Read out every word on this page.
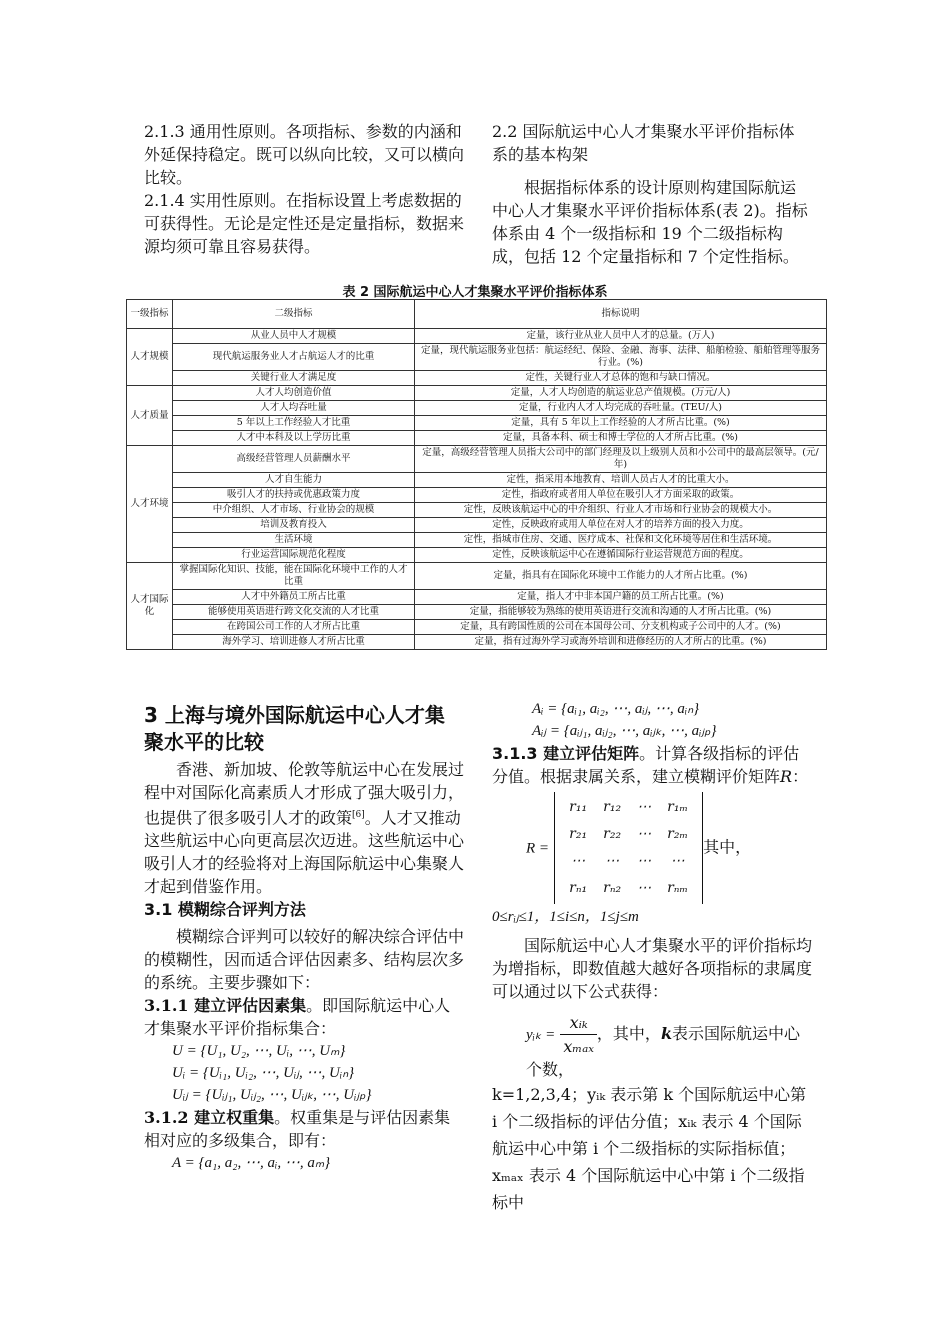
2.1.3 通用性原则。各项指标、参数的内涵和外延保持稳定。既可以纵向比较，又可以横向比较。

2.1.4 实用性原则。在指标设置上考虑数据的可获得性。无论是定性还是定量指标，数据来源均须可靠且容易获得。

2.2 国际航运中心人才集聚水平评价指标体系的基本构架

根据指标体系的设计原则构建国际航运中心人才集聚水平评价指标体系(表 2)。指标体系由 4 个一级指标和 19 个二级指标构成，包括 12 个定量指标和 7 个定性指标。

表 2 国际航运中心人才集聚水平评价指标体系
一级指标	二级指标	指标说明
人才规模	从业人员中人才规模	定量，该行业从业人员中人才的总量。(万人)
	现代航运服务业人才占航运人才的比重	定量，现代航运服务业包括：航运经纪、保险、金融、海事、法律、船舶检验、船舶管理等服务行业。(%)
	关键行业人才满足度	定性，关键行业人才总体的饱和与缺口情况。
人才质量	人才人均创造价值	定量，人才人均创造的航运业总产值规模。(万元/人)
	人才人均吞吐量	定量，行业内人才人均完成的吞吐量。(TEU/人)
	5 年以上工作经验人才比重	定量，具有 5 年以上工作经验的人才所占比重。(%)
	人才中本科及以上学历比重	定量，具备本科、硕士和博士学位的人才所占比重。(%)
人才环境	高级经营管理人员薪酬水平	定量，高级经营管理人员指大公司中的部门经理及以上级别人员和小公司中的最高层领导。(元/年)
	人才自生能力	定性，指采用本地教育、培训人员占人才的比重大小。
	吸引人才的扶持或优惠政策力度	定性，指政府或者用人单位在吸引人才方面采取的政策。
	中介组织、人才市场、行业协会的规模	定性，反映该航运中心的中介组织、行业人才市场和行业协会的规模大小。
	培训及教育投入	定性，反映政府或用人单位在对人才的培养方面的投入力度。
	生活环境	定性，指城市住房、交通、医疗成本、社保和文化环境等居住和生活环境。
	行业运营国际规范化程度	定性，反映该航运中心在遵循国际行业运营规范方面的程度。
人才国际化	掌握国际化知识、技能，能在国际化环境中工作的人才比重	定量，指具有在国际化环境中工作能力的人才所占比重。(%)
	人才中外籍员工所占比重	定量，指人才中非本国户籍的员工所占比重。(%)
	能够使用英语进行跨文化交流的人才比重	定量，指能够较为熟练的使用英语进行交流和沟通的人才所占比重。(%)
	在跨国公司工作的人才所占比重	定量，具有跨国性质的公司在本国母公司、分支机构或子公司中的人才。(%)
	海外学习、培训进修人才所占比重	定量，指有过海外学习或海外培训和进修经历的人才所占的比重。(%)
3 上海与境外国际航运中心人才集聚水平的比较

香港、新加坡、伦敦等航运中心在发展过程中对国际化高素质人才形成了强大吸引力，也提供了很多吸引人才的政策[6]。人才又推动这些航运中心向更高层次迈进。这些航运中心吸引人才的经验将对上海国际航运中心集聚人才起到借鉴作用。

3.1 模糊综合评判方法

模糊综合评判可以较好的解决综合评估中的模糊性，因而适合评估因素多、结构层次多的系统。主要步骤如下：

3.1.1 建立评估因素集。即国际航运中心人才集聚水平评价指标集合：

U = {U₁, U₂, ⋯, Uᵢ, ⋯, Uₘ}
Uᵢ = {Uᵢ₁, Uᵢ₂, ⋯, Uᵢⱼ, ⋯, Uᵢₙ}
Uᵢⱼ = {Uᵢⱼ₁, Uᵢⱼ₂, ⋯, Uᵢⱼₖ, ⋯, Uᵢⱼₚ}

3.1.2 建立权重集。权重集是与评估因素集相对应的多级集合，即有：

A = {a₁, a₂, ⋯, aᵢ, ⋯, aₘ}
Aᵢ = {aᵢ₁, aᵢ₂, ⋯, aᵢⱼ, ⋯, aᵢₙ}
Aᵢⱼ = {aᵢⱼ₁, aᵢⱼ₂, ⋯, aᵢⱼₖ, ⋯, aᵢⱼₚ}

3.1.3 建立评估矩阵。计算各级指标的评估分值。根据隶属关系，建立模糊评价矩阵R：

R =
r₁₁	r₁₂	⋯	r₁ₘ
r₂₁	r₂₂	⋯	r₂ₘ
⋯	⋯	⋯	⋯
rₙ₁	rₙ₂	⋯	rₙₘ
其中，
0≤rᵢⱼ≤1，1≤i≤n，1≤j≤m

国际航运中心人才集聚水平的评价指标均为增指标，即数值越大越好各项指标的隶属度可以通过以下公式获得：

yᵢₖ = $\frac{\text{xᵢₖ}}{\text{xₘₐₓ}}$ ，其中，k表示国际航运中心个数，

k=1,2,3,4；yᵢₖ 表示第 k 个国际航运中心第 i 个二级指标的评估分值；xᵢₖ 表示 4 个国际航运中心中第 i 个二级指标的实际指标值；xₘₐₓ 表示 4 个国际航运中心中第 i 个二级指标中
